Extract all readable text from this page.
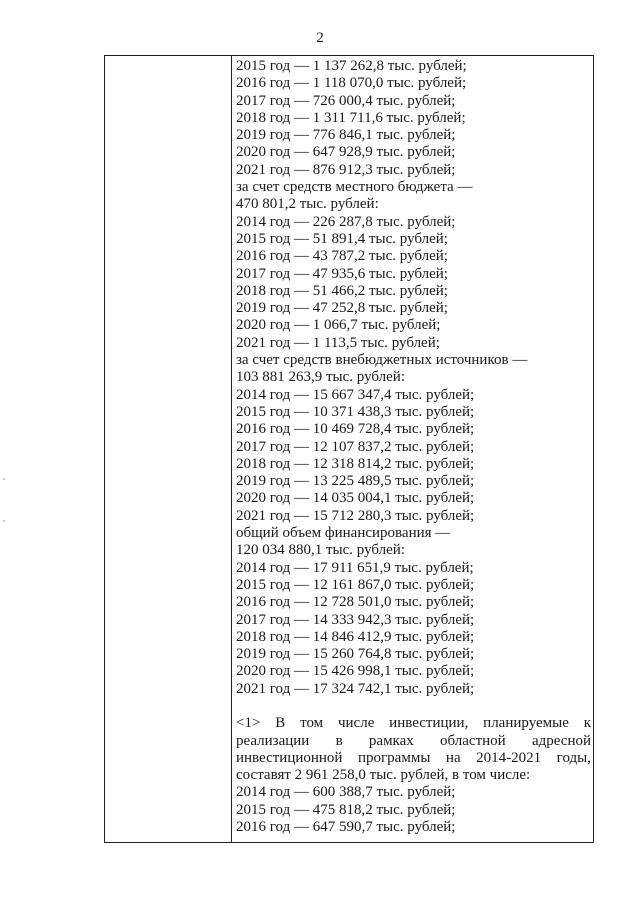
2
2015 год — 1 137 262,8 тыс. рублей;
2016 год — 1 118 070,0 тыс. рублей;
2017 год — 726 000,4 тыс. рублей;
2018 год — 1 311 711,6 тыс. рублей;
2019 год — 776 846,1 тыс. рублей;
2020 год — 647 928,9 тыс. рублей;
2021 год — 876 912,3 тыс. рублей;
за счет средств местного бюджета —
470 801,2 тыс. рублей:
2014 год — 226 287,8 тыс. рублей;
2015 год — 51 891,4 тыс. рублей;
2016 год — 43 787,2 тыс. рублей;
2017 год — 47 935,6 тыс. рублей;
2018 год — 51 466,2 тыс. рублей;
2019 год — 47 252,8 тыс. рублей;
2020 год — 1 066,7 тыс. рублей;
2021 год — 1 113,5 тыс. рублей;
за счет средств внебюджетных источников —
103 881 263,9 тыс. рублей:
2014 год — 15 667 347,4 тыс. рублей;
2015 год — 10 371 438,3 тыс. рублей;
2016 год — 10 469 728,4 тыс. рублей;
2017 год — 12 107 837,2 тыс. рублей;
2018 год — 12 318 814,2 тыс. рублей;
2019 год — 13 225 489,5 тыс. рублей;
2020 год — 14 035 004,1 тыс. рублей;
2021 год — 15 712 280,3 тыс. рублей;
общий объем финансирования —
120 034 880,1 тыс. рублей:
2014 год — 17 911 651,9 тыс. рублей;
2015 год — 12 161 867,0 тыс. рублей;
2016 год — 12 728 501,0 тыс. рублей;
2017 год — 14 333 942,3 тыс. рублей;
2018 год — 14 846 412,9 тыс. рублей;
2019 год — 15 260 764,8 тыс. рублей;
2020 год — 15 426 998,1 тыс. рублей;
2021 год — 17 324 742,1 тыс. рублей;
<1> В том числе инвестиции, планируемые к
реализации в рамках областной адресной
инвестиционной программы на 2014-2021 годы,
составят 2 961 258,0 тыс. рублей, в том числе:
2014 год — 600 388,7 тыс. рублей;
2015 год — 475 818,2 тыс. рублей;
2016 год — 647 590,7 тыс. рублей;
